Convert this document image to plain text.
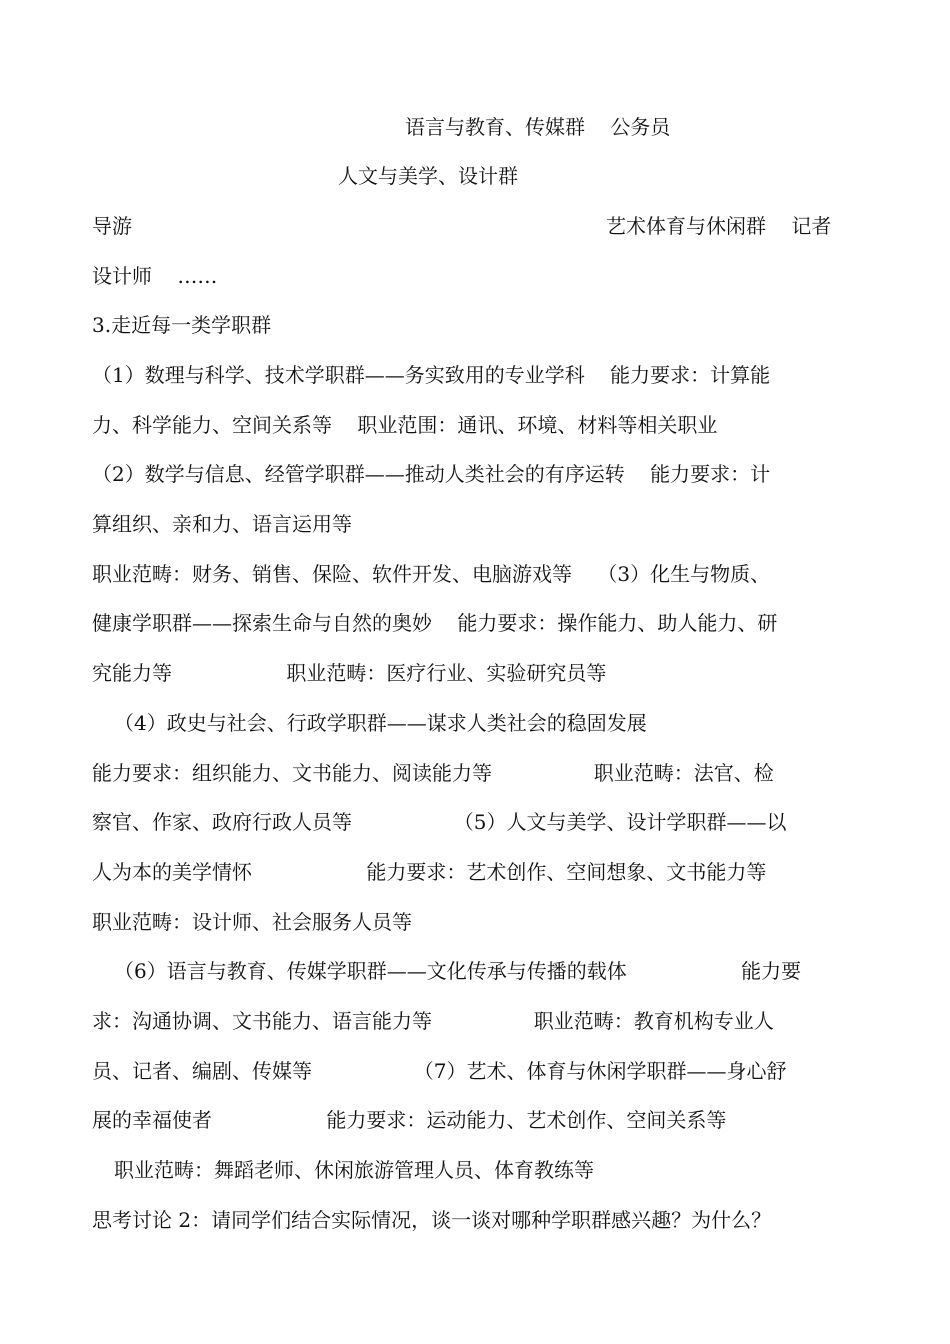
语言与教育、传媒群    公务员
人文与美学、设计群
导游	艺术体育与休闲群    记者
设计师    ……
3.走近每一类学职群
（1）数理与科学、技术学职群——务实致用的专业学科    能力要求：计算能
力、科学能力、空间关系等    职业范围：通讯、环境、材料等相关职业
（2）数学与信息、经管学职群——推动人类社会的有序运转    能力要求：计
算组织、亲和力、语言运用等
职业范畴：财务、销售、保险、软件开发、电脑游戏等    （3）化生与物质、
健康学职群——探索生命与自然的奥妙    能力要求：操作能力、助人能力、研
究能力等                  职业范畴：医疗行业、实验研究员等
（4）政史与社会、行政学职群——谋求人类社会的稳固发展
能力要求：组织能力、文书能力、阅读能力等                职业范畴：法官、检
察官、作家、政府行政人员等                （5）人文与美学、设计学职群——以
人为本的美学情怀                  能力要求：艺术创作、空间想象、文书能力等
职业范畴：设计师、社会服务人员等
（6）语言与教育、传媒学职群——文化传承与传播的载体                  能力要
求：沟通协调、文书能力、语言能力等                职业范畴：教育机构专业人
员、记者、编剧、传媒等                （7）艺术、体育与休闲学职群——身心舒
展的幸福使者                  能力要求：运动能力、艺术创作、空间关系等
职业范畴：舞蹈老师、休闲旅游管理人员、体育教练等
思考讨论 2：请同学们结合实际情况，谈一谈对哪种学职群感兴趣？为什么？
